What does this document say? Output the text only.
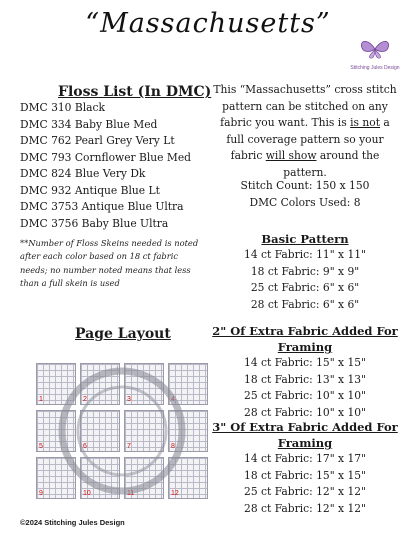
“Massachusetts”
Stitching Jules Design
Floss List (In DMC)
DMC 310 Black
DMC 334 Baby Blue Med
DMC 762 Pearl Grey Very Lt
DMC 793 Cornflower Blue Med
DMC 824 Blue Very Dk
DMC 932 Antique Blue Lt
DMC 3753 Antique Blue Ultra
DMC 3756 Baby Blue Ultra
**Number of Floss Skeins needed is noted after each color based on 18 ct fabric needs; no number noted means that less than a full skein is used
This “Massachusetts” cross stitch pattern can be stitched on any fabric you want. This is is not a full coverage pattern so your fabric will show around the pattern.
Stitch Count: 150 x 150
DMC Colors Used: 8
Basic Pattern
14 ct Fabric: 11" x 11"
18 ct Fabric: 9" x 9"
25 ct Fabric: 6" x 6"
28 ct Fabric: 6" x 6"
2" Of Extra Fabric Added For Framing
14 ct Fabric: 15" x 15"
18 ct Fabric: 13" x 13"
25 ct Fabric: 10" x 10"
28 ct Fabric: 10" x 10"
3" Of Extra Fabric Added For Framing
14 ct Fabric: 17" x 17"
18 ct Fabric: 15" x 15"
25 ct Fabric: 12" x 12"
28 ct Fabric: 12" x 12"
Page Layout
1	2	3	4
5	6	7	8
9	10	11	12
©2024 Stitching Jules Design
